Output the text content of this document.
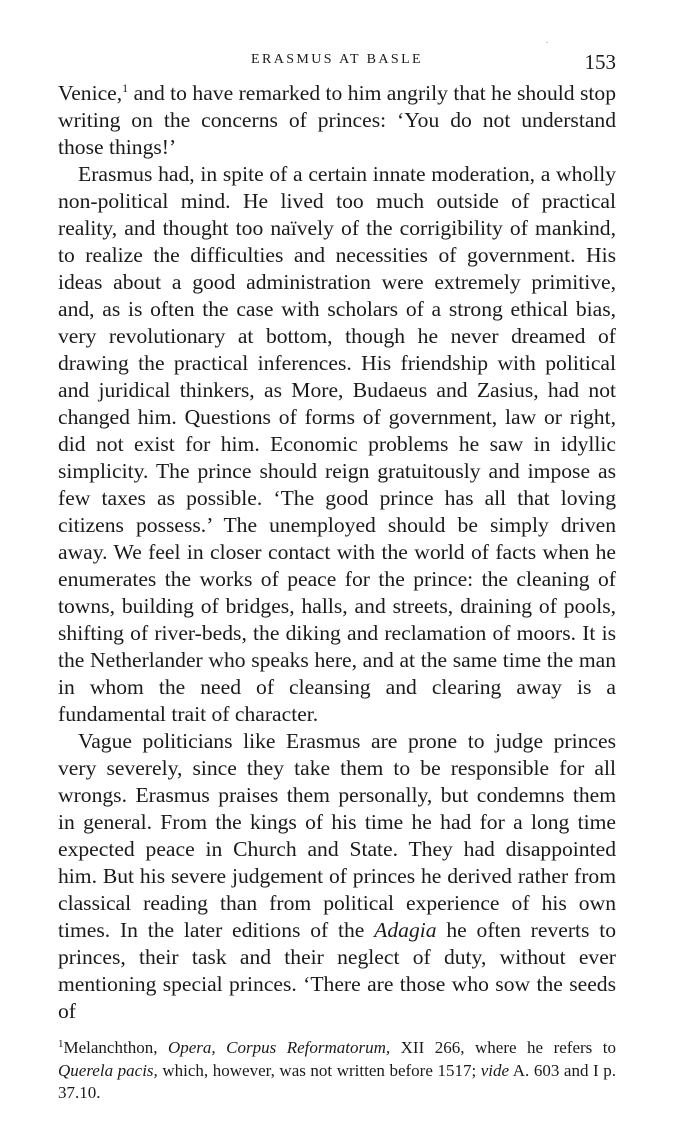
ERASMUS AT BASLE	153

Venice,$^1$ and to have remarked to him angrily that he should stop writing on the concerns of princes: ‘You do not understand those things!’

Erasmus had, in spite of a certain innate moderation, a wholly non-political mind. He lived too much outside of practical reality, and thought too naïvely of the corrigibility of mankind, to realize the difficulties and necessities of government. His ideas about a good administration were extremely primitive, and, as is often the case with scholars of a strong ethical bias, very revolutionary at bottom, though he never dreamed of drawing the practical inferences. His friendship with political and juridical thinkers, as More, Budaeus and Zasius, had not changed him. Questions of forms of government, law or right, did not exist for him. Economic problems he saw in idyllic simplicity. The prince should reign gratuitously and impose as few taxes as possible. ‘The good prince has all that loving citizens possess.’ The unemployed should be simply driven away. We feel in closer contact with the world of facts when he enumerates the works of peace for the prince: the cleaning of towns, building of bridges, halls, and streets, draining of pools, shifting of river-beds, the diking and reclamation of moors. It is the Netherlander who speaks here, and at the same time the man in whom the need of cleansing and clearing away is a fundamental trait of character.

Vague politicians like Erasmus are prone to judge princes very severely, since they take them to be responsible for all wrongs. Erasmus praises them personally, but condemns them in general. From the kings of his time he had for a long time expected peace in Church and State. They had disappointed him. But his severe judgement of princes he derived rather from classical reading than from political experience of his own times. In the later editions of the Adagia he often reverts to princes, their task and their neglect of duty, without ever mentioning special princes. ‘There are those who sow the seeds of

$^1$Melanchthon, Opera, Corpus Reformatorum, XII 266, where he refers to Querela pacis, which, however, was not written before 1517; vide A. 603 and I p. 37.10.
